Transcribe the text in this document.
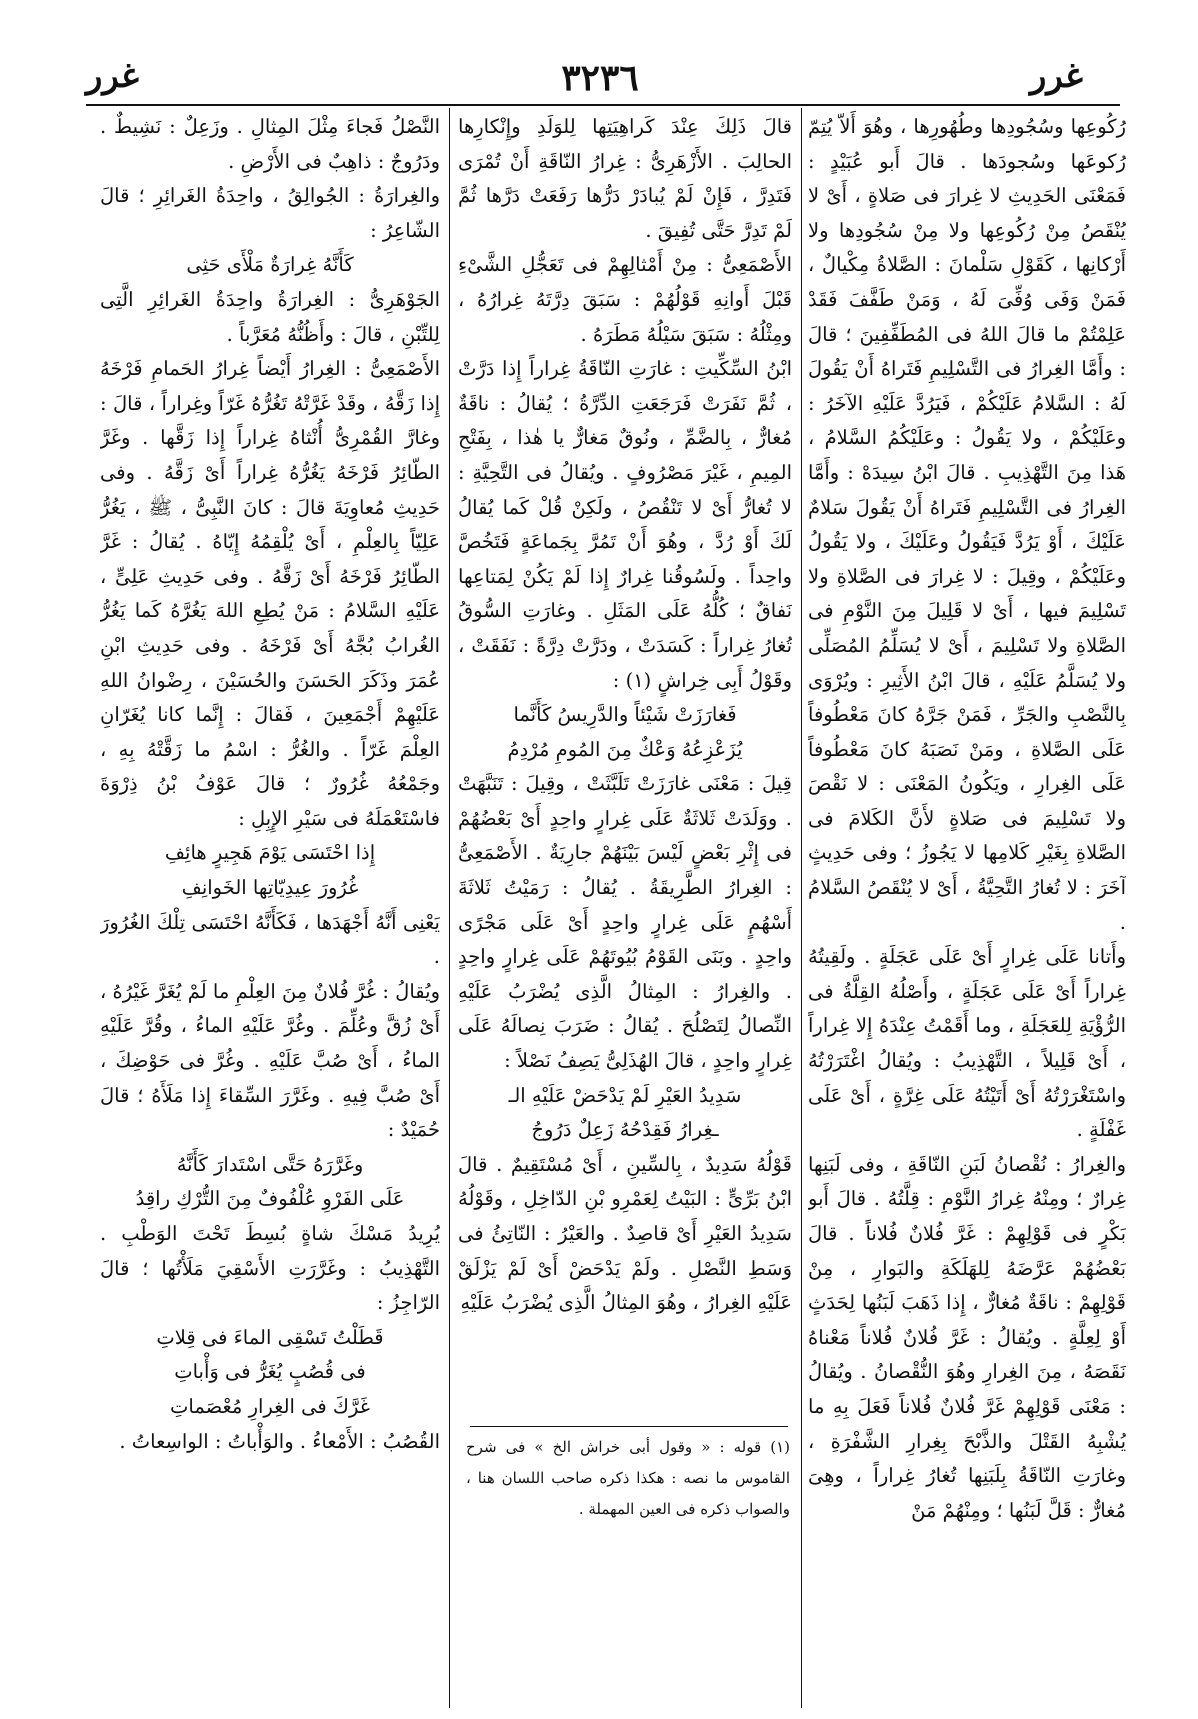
غرر	٣٢٣٦	غرر

رُكُوعِها وسُجُودِها وطُهُورِها ، وهُوَ أَلاّ يُتِمّ رُكوعَها وسُجودَها . قالَ أَبو عُبَيْدٍ : فَمَعْنَى الحَدِيثِ لا غِرارَ فى صَلاةٍ ، أَىْ لا يُنْقَصُ مِنْ رُكُوعِها ولا مِنْ سُجُودِها ولا أَرْكانِها ، كَقَوْلِ سَلْمانَ : الصَّلاةُ مِكْيالٌ ، فَمَنْ وَفَى وُفِّىَ لَهُ ، وَمَنْ طَفَّفَ فَقَدْ عَلِمْتُمْ ما قالَ اللهُ فى المُطَفِّفِينَ ؛ قالَ : وأَمَّا الغِرارُ فى التَّسْلِيمِ فَتَراهُ أَنْ يَقُولَ لَهُ : السَّلامُ عَلَيْكُمْ ، فَيَرُدَّ عَلَيْهِ الآخَرُ : وعَلَيْكُمْ ، ولا يَقُولُ : وعَلَيْكُمُ السَّلامُ ، هَذا مِنَ التَّهْذِيبِ . قالَ ابْنُ سِيدَهْ : وأَمَّا الغِرارُ فى التَّسْلِيمِ فَتَراهُ أَنْ يَقُولَ سَلامٌ عَلَيْكَ ، أَوْ يَرُدَّ فَيَقُولُ وعَلَيْكَ ، ولا يَقُولُ وعَلَيْكُمْ ، وقِيلَ : لا غِرارَ فى الصَّلاةِ ولا تَسْلِيمَ فيها ، أَىْ لا قَلِيلَ مِنَ النَّوْمِ فى الصَّلاةِ ولا تَسْلِيمَ ، أَىْ لا يُسَلِّمُ المُصَلِّى ولا يُسَلَّمُ عَلَيْهِ ، قالَ ابْنُ الأَثِيرِ : ويُرْوَى بِالنَّصْبِ والجَرِّ ، فَمَنْ جَرَّهُ كانَ مَعْطُوفاً عَلَى الصَّلاةِ ، ومَنْ نَصَبَهُ كانَ مَعْطُوفاً عَلَى الغِرارِ ، ويَكُونُ المَعْنَى : لا نَقْصَ ولا تَسْلِيمَ فى صَلاةٍ لأَنَّ الكَلامَ فى الصَّلاةِ بِغَيْرِ كَلامِها لا يَجُوزُ ؛ وفى حَدِيثٍ آخَرَ : لا تُغارُ التَّحِيَّةُ ، أَىْ لا يُنْقَصُ السَّلامُ .

وأَتانا عَلَى غِرارٍ أَىْ عَلَى عَجَلَةٍ . ولَقِيتُهُ غِراراً أَىْ عَلَى عَجَلَةٍ ، وأَصْلُهُ القِلَّةُ فى الرُّؤْيَةِ لِلعَجَلَةِ ، وما أَقَمْتُ عِنْدَهُ إِلا غِراراً ، أَىْ قَلِيلاً ، التَّهْذِيبُ : ويُقالُ اغْتَرَرْتُهُ واسْتَغْرَرْتُهُ أَىْ أَتَيْتُهُ عَلَى غِرَّةٍ ، أَىْ عَلَى غَفْلَةٍ .

والغِرارُ : نُقْصانُ لَبَنِ النّاقَةِ ، وفى لَبَنِها غِرارٌ ؛ ومِنْهُ غِرارُ النَّوْمِ : قِلَّتُهُ . قالَ أَبو بَكْرٍ فى قَوْلِهِمْ : غَرَّ فُلانٌ فُلاناً . قالَ بَعْضُهُمْ عَرَّضَهُ لِلهَلَكَةِ والبَوارِ ، مِنْ قَوْلِهِمْ : ناقَةٌ مُغارٌّ ، إِذا ذَهَبَ لَبَنُها لِحَدَثٍ أَوْ لِعِلَّةٍ . ويُقالُ : غَرَّ فُلانٌ فُلاناً مَعْناهُ نَقَصَهُ ، مِنَ الغِرارِ وهُوَ النُّقْصانُ . ويُقالُ : مَعْنَى قَوْلِهِمْ غَرَّ فُلانٌ فُلاناً فَعَلَ بِهِ ما يُشْبِهُ القَتْلَ والذَّبْحَ بِغِرارِ الشَّفْرَةِ ، وغارَتِ النّاقَةُ بِلَبَنِها تُغارُ غِراراً ، وهِىَ مُغارٌّ : قَلَّ لَبَنُها ؛ ومِنْهُمْ مَنْ

قالَ ذَلِكَ عِنْدَ كَراهِيَتِها لِلوَلَدِ وإِنْكارِها الحالِبَ . الأَزْهَرِىُّ : غِرارُ النّاقَةِ أَنْ تُمْرَى فَتَدِرَّ ، فَإِنْ لَمْ يُبادَرْ دَرُّها رَفَعَتْ دَرَّها ثُمَّ لَمْ تَدِرَّ حَتَّى تُفِيقَ .

الأَصْمَعِىُّ : مِنْ أَمْثالِهِمْ فى تَعَجُّلِ الشَّىْءِ قَبْلَ أَوانِهِ قَوْلُهُمْ : سَبَقَ دِرَّتَهُ غِرارُهُ ، ومِثْلُهُ : سَبَقَ سَيْلُهُ مَطَرَهُ .

ابْنُ السِّكِّيتِ : غارَتِ النّاقَةُ غِراراً إِذا دَرَّتْ ، ثُمَّ نَفَرَتْ فَرَجَعَتِ الدِّرَّةُ ؛ يُقالُ : ناقَةٌ مُغارٌّ ، بِالضَّمِّ ، ونُوقٌ مَغارٌّ يا هٰذا ، بِفَتْحِ المِيمِ ، غَيْرَ مَصْرُوفٍ . ويُقالُ فى التَّحِيَّةِ : لا تُغارُّ أَىْ لا تَنْقُصُ ، ولَكِنْ قُلْ كَما يُقالُ لَكَ أَوْ رُدَّ ، وهُوَ أَنْ تَمُرَّ بِجَماعَةٍ فَتَخُصَّ واحِداً . ولَسُوقُنا غِرارٌ إِذا لَمْ يَكُنْ لِمَتاعِها نَفاقٌ ؛ كُلُّهُ عَلَى المَثَلِ . وغارَتِ السُّوقُ تُغارُ غِراراً : كَسَدَتْ ، ودَرَّتْ دِرَّةً : نَفَقَتْ ، وقَوْلُ أَبِى خِراشٍ (١) :

فَغارَزَتْ شَيْئاً والدَّرِيسُ كَأَنَّما

يُزَعْزِعُهُ وَعْكٌ مِنَ المُومِ مُرْدِمُ

قِيلَ : مَعْنَى غارَزَتْ تَلَبَّثَتْ ، وقِيلَ : تَنَبَّهَتْ . ووَلَدَتْ ثَلاثَةٌ عَلَى غِرارٍ واحِدٍ أَىْ بَعْضُهُمْ فى إِثْرِ بَعْضٍ لَيْسَ بَيْنَهُمْ جارِيَةٌ . الأَصْمَعِىُّ : الغِرارُ الطَّرِيقَةُ . يُقالُ : رَمَيْتُ ثَلاثَةَ أَسْهُمٍ عَلَى غِرارٍ واحِدٍ أَىْ عَلَى مَجْرًى واحِدٍ . وبَنَى القَوْمُ بُيُوتَهُمْ عَلَى غِرارٍ واحِدٍ . والغِرارُ : المِثالُ الَّذِى يُضْرَبُ عَلَيْهِ النِّصالُ لِتَصْلُحَ . يُقالُ : ضَرَبَ نِصالَهُ عَلَى غِرارٍ واحِدٍ ، قالَ الهُذَلِىُّ يَصِفُ نَصْلاً :

سَدِيدُ العَيْرِ لَمْ يَدْحَضْ عَلَيْهِ الـ

ـغِرارُ فَقِدْحُهُ زَعِلٌ دَرُوجُ

قَوْلُهُ سَدِيدٌ ، بِالسِّينِ ، أَىْ مُسْتَقِيمٌ . قالَ ابْنُ بَرِّىٍّ : البَيْتُ لِعَمْرِو بْنِ الدّاخِلِ ، وقَوْلُهُ سَدِيدُ العَيْرِ أَىْ قاصِدٌ . والعَيْرُ : النّاتِئُ فى وَسَطِ النَّصْلِ . ولَمْ يَدْحَضْ أَىْ لَمْ يَزْلَقْ عَلَيْهِ الغِرارُ ، وهُوَ المِثالُ الَّذِى يُضْرَبُ عَلَيْهِ

(١) قوله : « وقول أبى خراش الخ » فى شرح القاموس ما نصه : هكذا ذكره صاحب اللسان هنا ، والصواب ذكره فى العين المهملة .

النَّصْلُ فَجاءَ مِثْلَ المِثالِ . وزَعِلٌ : نَشِيطٌ . ودَرُوجٌ : ذاهِبٌ فى الأَرْضِ .

والغِرارَةُ : الجُوالِقُ ، واحِدَةُ الغَرائِرِ ؛ قالَ الشّاعِرُ :

كَأَنَّهُ غِرارَةٌ مَلْأَى حَثِى

الجَوْهَرِىُّ : الغِرارَةُ واحِدَةُ الغَرائِرِ الَّتِى لِلتِّبْنِ ، قالَ : وأَظُنُّهُ مُعَرَّباً .

الأَصْمَعِىُّ : الغِرارُ أَيْضاً غِرارُ الحَمامِ فَرْخَهُ إِذا زَقَّهُ ، وقَدْ غَرَّتْهُ تَغُرُّهُ غَرّاً وغِراراً ، قالَ : وغارَّ القُمْرِىُّ أُنْثاهُ غِراراً إِذا زَقَّها . وغَرَّ الطّائِرُ فَرْخَهُ يَغُرُّهُ غِراراً أَىْ زَقَّهُ . وفى حَدِيثِ مُعاوِيَةَ قالَ : كانَ النَّبِىُّ ، ﷺ ، يَغُرُّ عَلِيّاً بِالعِلْمِ ، أَىْ يُلْقِمُهُ إِيّاهُ . يُقالُ : غَرَّ الطّائِرُ فَرْخَهُ أَىْ زَقَّهُ . وفى حَدِيثِ عَلِىٍّ ، عَلَيْهِ السَّلامُ : مَنْ يُطِعِ اللهَ يَغُرَّهُ كَما يَغُرُّ الغُرابُ بُجَّهُ أَىْ فَرْخَهُ . وفى حَدِيثِ ابْنِ عُمَرَ وذَكَرَ الحَسَنَ والحُسَيْنَ ، رِضْوانُ اللهِ عَلَيْهِمْ أَجْمَعِينَ ، فَقالَ : إِنَّما كانا يُغَرّانِ العِلْمَ غَرّاً . والغُرُّ : اسْمُ ما زَقَّتْهُ بِهِ ، وجَمْعُهُ غُرُورٌ ؛ قالَ عَوْفُ بْنُ ذِرْوَةَ فاسْتَعْمَلَهُ فى سَيْرِ الإِبِلِ :

إِذا احْتَسَى يَوْمَ هَجِيرٍ هائِفِ

غُرُورَ عِيدِيّاتِها الخَوانِفِ

يَعْنِى أَنَّهُ أَجْهَدَها ، فَكَأَنَّهُ احْتَسَى تِلْكَ الغُرُورَ .

ويُقالُ : غُرَّ فُلانٌ مِنَ العِلْمِ ما لَمْ يُغَرَّ غَيْرُهُ ، أَىْ زُقَّ وعُلِّمَ . وغُرَّ عَلَيْهِ الماءُ ، وقُرَّ عَلَيْهِ الماءُ ، أَىْ صُبَّ عَلَيْهِ . وغُرَّ فى حَوْضِكَ ، أَىْ صُبَّ فِيهِ . وغَرَّرَ السِّقاءَ إِذا مَلَأَهُ ؛ قالَ حُمَيْدٌ :

وغَرَّرَهُ حَتَّى اسْتَدارَ كَأَنَّهُ

عَلَى الفَرْوِ عُلْفُوفٌ مِنَ التُّرْكِ راقِدُ

يُرِيدُ مَسْكَ شاةٍ بُسِطَ تَحْتَ الوَطْبِ . التَّهْذِيبُ : وغَرَّرَتِ الأَسْقِيَ مَلَأْتُها ؛ قالَ الرّاجِزُ :

قَطَلْتُ تَسْقِى الماءَ فى قِلاتِ

فى قُصُبٍ يُغَرُّ فى وَأْباتِ

غَرَّكَ فى الغِرارِ مُعْصَماتِ

القُصُبُ : الأَمْعاءُ . والوَأْباتُ : الواسِعاتُ .
